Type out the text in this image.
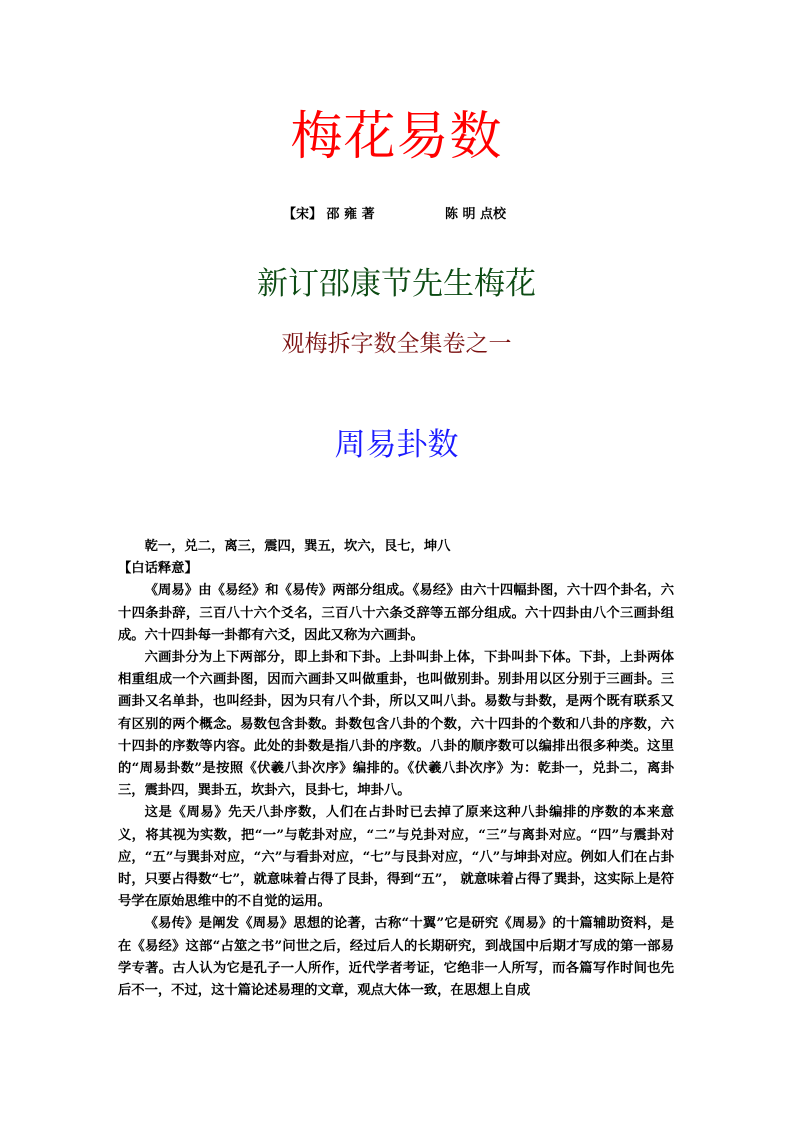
梅花易数
【宋】 邵 雍 著	陈 明 点校
新订邵康节先生梅花
观梅拆字数全集卷之一
周易卦数

乾一，兑二，离三，震四，巽五，坎六，艮七，坤八

【白话释意】

《周易》由《易经》和《易传》两部分组成。《易经》由六十四幅卦图，六十四个卦名，六十四条卦辞，三百八十六个爻名，三百八十六条爻辞等五部分组成。六十四卦由八个三画卦组成。六十四卦每一卦都有六爻，因此又称为六画卦。

六画卦分为上下两部分，即上卦和下卦。上卦叫卦上体，下卦叫卦下体。下卦，上卦两体相重组成一个六画卦图，因而六画卦又叫做重卦，也叫做别卦。别卦用以区分别于三画卦。三画卦又名单卦，也叫经卦，因为只有八个卦，所以又叫八卦。易数与卦数，是两个既有联系又有区别的两个概念。易数包含卦数。卦数包含八卦的个数，六十四卦的个数和八卦的序数，六十四卦的序数等内容。此处的卦数是指八卦的序数。八卦的顺序数可以编排出很多种类。这里的“周易卦数”是按照《伏羲八卦次序》编排的。《伏羲八卦次序》为：乾卦一，兑卦二，离卦三，震卦四，巽卦五，坎卦六，艮卦七，坤卦八。

这是《周易》先天八卦序数，人们在占卦时已去掉了原来这种八卦编排的序数的本来意义，将其视为实数，把“一”与乾卦对应，“二”与兑卦对应，“三”与离卦对应。“四”与震卦对应，“五”与巽卦对应，“六”与看卦对应，“七”与艮卦对应，“八”与坤卦对应。例如人们在占卦时，只要占得数“七”，就意味着占得了艮卦，得到“五”， 就意味着占得了巽卦，这实际上是符号学在原始思维中的不自觉的运用。

《易传》是阐发《周易》思想的论著，古称“十翼”它是研究《周易》的十篇辅助资料，是在《易经》这部“占筮之书”问世之后，经过后人的长期研究，到战国中后期才写成的第一部易学专著。古人认为它是孔子一人所作，近代学者考证，它绝非一人所写，而各篇写作时间也先后不一，不过，这十篇论述易理的文章，观点大体一致，在思想上自成
